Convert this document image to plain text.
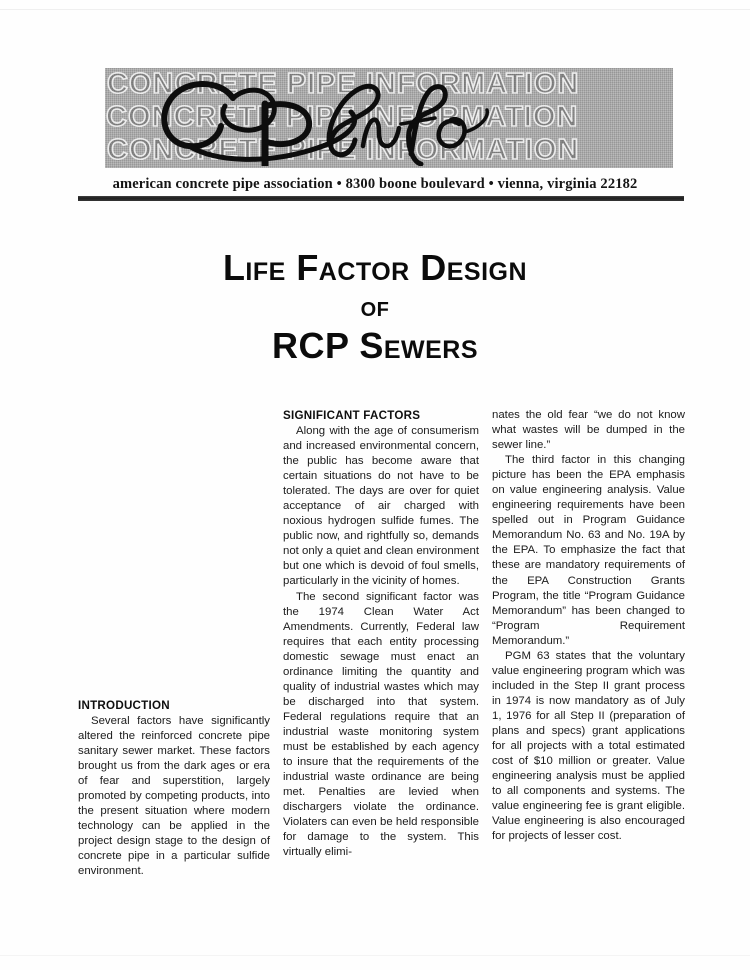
CONCRETE PIPE INFORMATION
CONCRETE PIPE INFORMATION
CONCRETE PIPE INFORMATION
american concrete pipe association • 8300 boone boulevard • vienna, virginia 22182
Life Factor Design
of
RCP Sewers
INTRODUCTION

Several factors have significantly altered the reinforced concrete pipe sanitary sewer market. These factors brought us from the dark ages or era of fear and superstition, largely promoted by competing products, into the present situation where modern technology can be applied in the project design stage to the design of concrete pipe in a particular sulfide environment.

SIGNIFICANT FACTORS

Along with the age of consumerism and increased environmental concern, the public has become aware that certain situations do not have to be tolerated. The days are over for quiet acceptance of air charged with noxious hydrogen sulfide fumes. The public now, and rightfully so, demands not only a quiet and clean environment but one which is devoid of foul smells, particularly in the vicinity of homes.

The second significant factor was the 1974 Clean Water Act Amendments. Currently, Federal law requires that each entity processing domestic sewage must enact an ordinance limiting the quantity and quality of industrial wastes which may be discharged into that system. Federal regulations require that an industrial waste monitoring system must be established by each agency to insure that the requirements of the industrial waste ordinance are being met. Penalties are levied when dischargers violate the ordinance. Violaters can even be held responsible for damage to the system. This virtually elimi-

nates the old fear “we do not know what wastes will be dumped in the sewer line.”

The third factor in this changing picture has been the EPA emphasis on value engineering analysis. Value engineering requirements have been spelled out in Program Guidance Memorandum No. 63 and No. 19A by the EPA. To emphasize the fact that these are mandatory requirements of the EPA Construction Grants Program, the title “Program Guidance Memorandum” has been changed to “Program Requirement Memorandum.”

PGM 63 states that the voluntary value engineering program which was included in the Step II grant process in 1974 is now mandatory as of July 1, 1976 for all Step II (preparation of plans and specs) grant applications for all projects with a total estimated cost of $10 million or greater. Value engineering analysis must be applied to all components and systems. The value engineering fee is grant eligible. Value engineering is also encouraged for projects of lesser cost.
